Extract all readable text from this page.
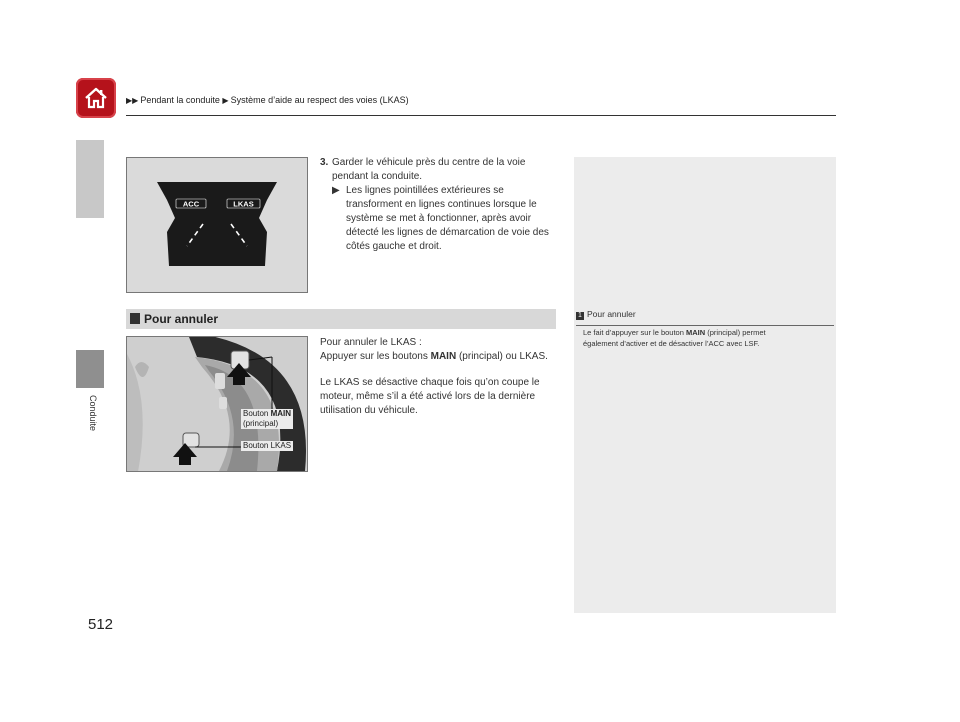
▶▶ Pendant la conduite ▶ Système d’aide au respect des voies (LKAS)
Conduite
512
ACC	LKAS
3. Garder le véhicule près du centre de la voie
pendant la conduite.
▶ Les lignes pointillées extérieures se
transforment en lignes continues lorsque le
système se met à fonctionner, après avoir
détecté les lignes de démarcation de voie des
côtés gauche et droit.
Pour annuler	1 Pour annuler
Le fait d’appuyer sur le bouton MAIN (principal) permet
également d’activer et de désactiver l’ACC avec LSF.
Bouton MAIN
(principal)
Bouton LKAS

Pour annuler le LKAS :
Appuyer sur les boutons MAIN (principal) ou LKAS.

Le LKAS se désactive chaque fois qu’on coupe le
moteur, même s’il a été activé lors de la dernière
utilisation du véhicule.
